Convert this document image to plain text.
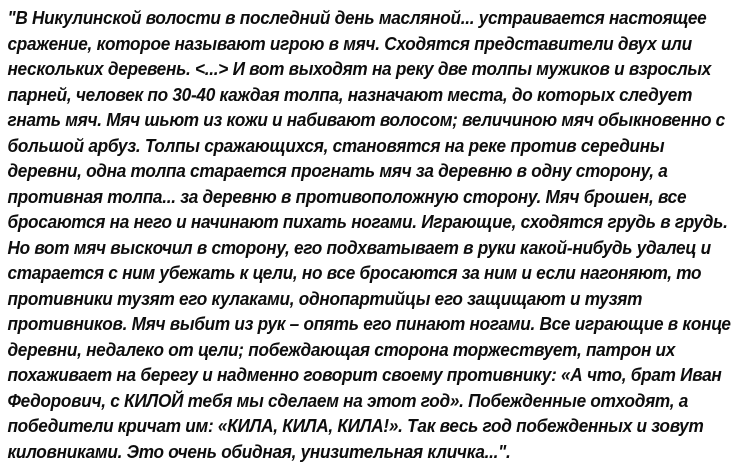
"В Никулинской волости в последний день масляной... устраивается настоящее
сражение, которое называют игрою в мяч. Сходятся представители двух или
нескольких деревень. <...> И вот выходят на реку две толпы мужиков и взрослых
парней, человек по 30-40 каждая толпа, назначают места, до которых следует
гнать мяч. Мяч шьют из кожи и набивают волосом; величиною мяч обыкновенно с
большой арбуз. Толпы сражающихся, становятся на реке против середины
деревни, одна толпа старается прогнать мяч за деревню в одну сторону, а
противная толпа... за деревню в противоположную сторону. Мяч брошен, все
бросаются на него и начинают пихать ногами. Играющие, сходятся грудь в грудь.
Но вот мяч выскочил в сторону, его подхватывает в руки какой-нибудь удалец и
старается с ним убежать к цели, но все бросаются за ним и если нагоняют, то
противники тузят его кулаками, однопартийцы его защищают и тузят
противников. Мяч выбит из рук – опять его пинают ногами. Все играющие в конце
деревни, недалеко от цели; побеждающая сторона торжествует, патрон их
похаживает на берегу и надменно говорит своему противнику: «А что, брат Иван
Федорович, с КИЛОЙ тебя мы сделаем на этот год». Побежденные отходят, а
победители кричат им: «КИЛА, КИЛА, КИЛА!». Так весь год побежденных и зовут
киловниками. Это очень обидная, унизительная кличка...".
